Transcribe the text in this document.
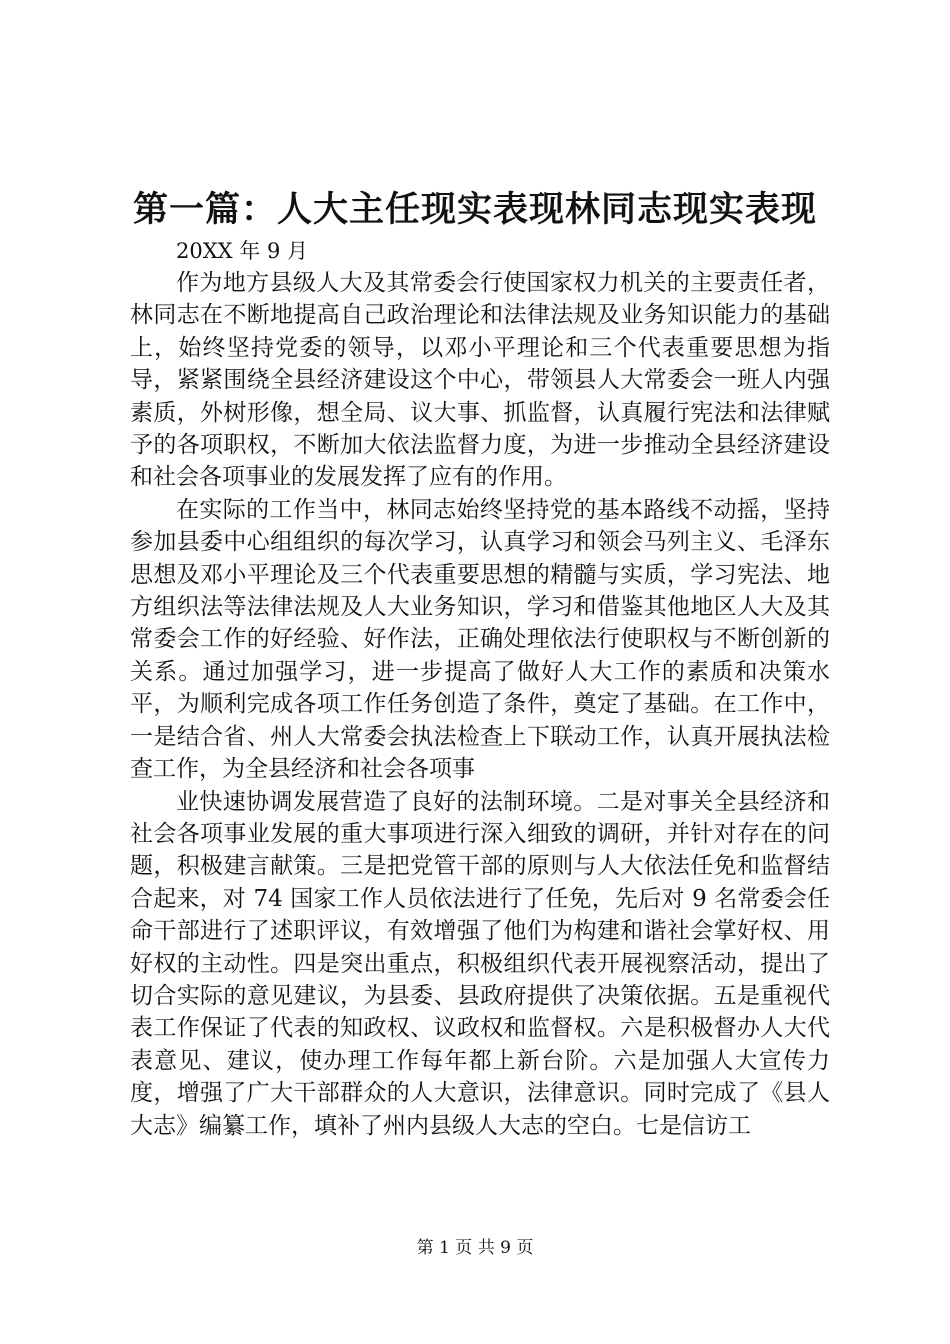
第一篇：人大主任现实表现林同志现实表现

20XX 年 9 月

作为地方县级人大及其常委会行使国家权力机关的主要责任者，林同志在不断地提高自己政治理论和法律法规及业务知识能力的基础上，始终坚持党委的领导，以邓小平理论和三个代表重要思想为指导，紧紧围绕全县经济建设这个中心，带领县人大常委会一班人内强素质，外树形像，想全局、议大事、抓监督，认真履行宪法和法律赋予的各项职权，不断加大依法监督力度，为进一步推动全县经济建设和社会各项事业的发展发挥了应有的作用。

在实际的工作当中，林同志始终坚持党的基本路线不动摇，坚持参加县委中心组组织的每次学习，认真学习和领会马列主义、毛泽东思想及邓小平理论及三个代表重要思想的精髓与实质，学习宪法、地方组织法等法律法规及人大业务知识，学习和借鉴其他地区人大及其常委会工作的好经验、好作法，正确处理依法行使职权与不断创新的关系。通过加强学习，进一步提高了做好人大工作的素质和决策水平，为顺利完成各项工作任务创造了条件，奠定了基础。在工作中，一是结合省、州人大常委会执法检查上下联动工作，认真开展执法检查工作，为全县经济和社会各项事

业快速协调发展营造了良好的法制环境。二是对事关全县经济和社会各项事业发展的重大事项进行深入细致的调研，并针对存在的问题，积极建言献策。三是把党管干部的原则与人大依法任免和监督结合起来，对 74 国家工作人员依法进行了任免，先后对 9 名常委会任命干部进行了述职评议，有效增强了他们为构建和谐社会掌好权、用好权的主动性。四是突出重点，积极组织代表开展视察活动，提出了切合实际的意见建议，为县委、县政府提供了决策依据。五是重视代表工作保证了代表的知政权、议政权和监督权。六是积极督办人大代表意见、建议，使办理工作每年都上新台阶。六是加强人大宣传力度，增强了广大干部群众的人大意识，法律意识。同时完成了《县人大志》编纂工作，填补了州内县级人大志的空白。七是信访工

第 1 页 共 9 页
